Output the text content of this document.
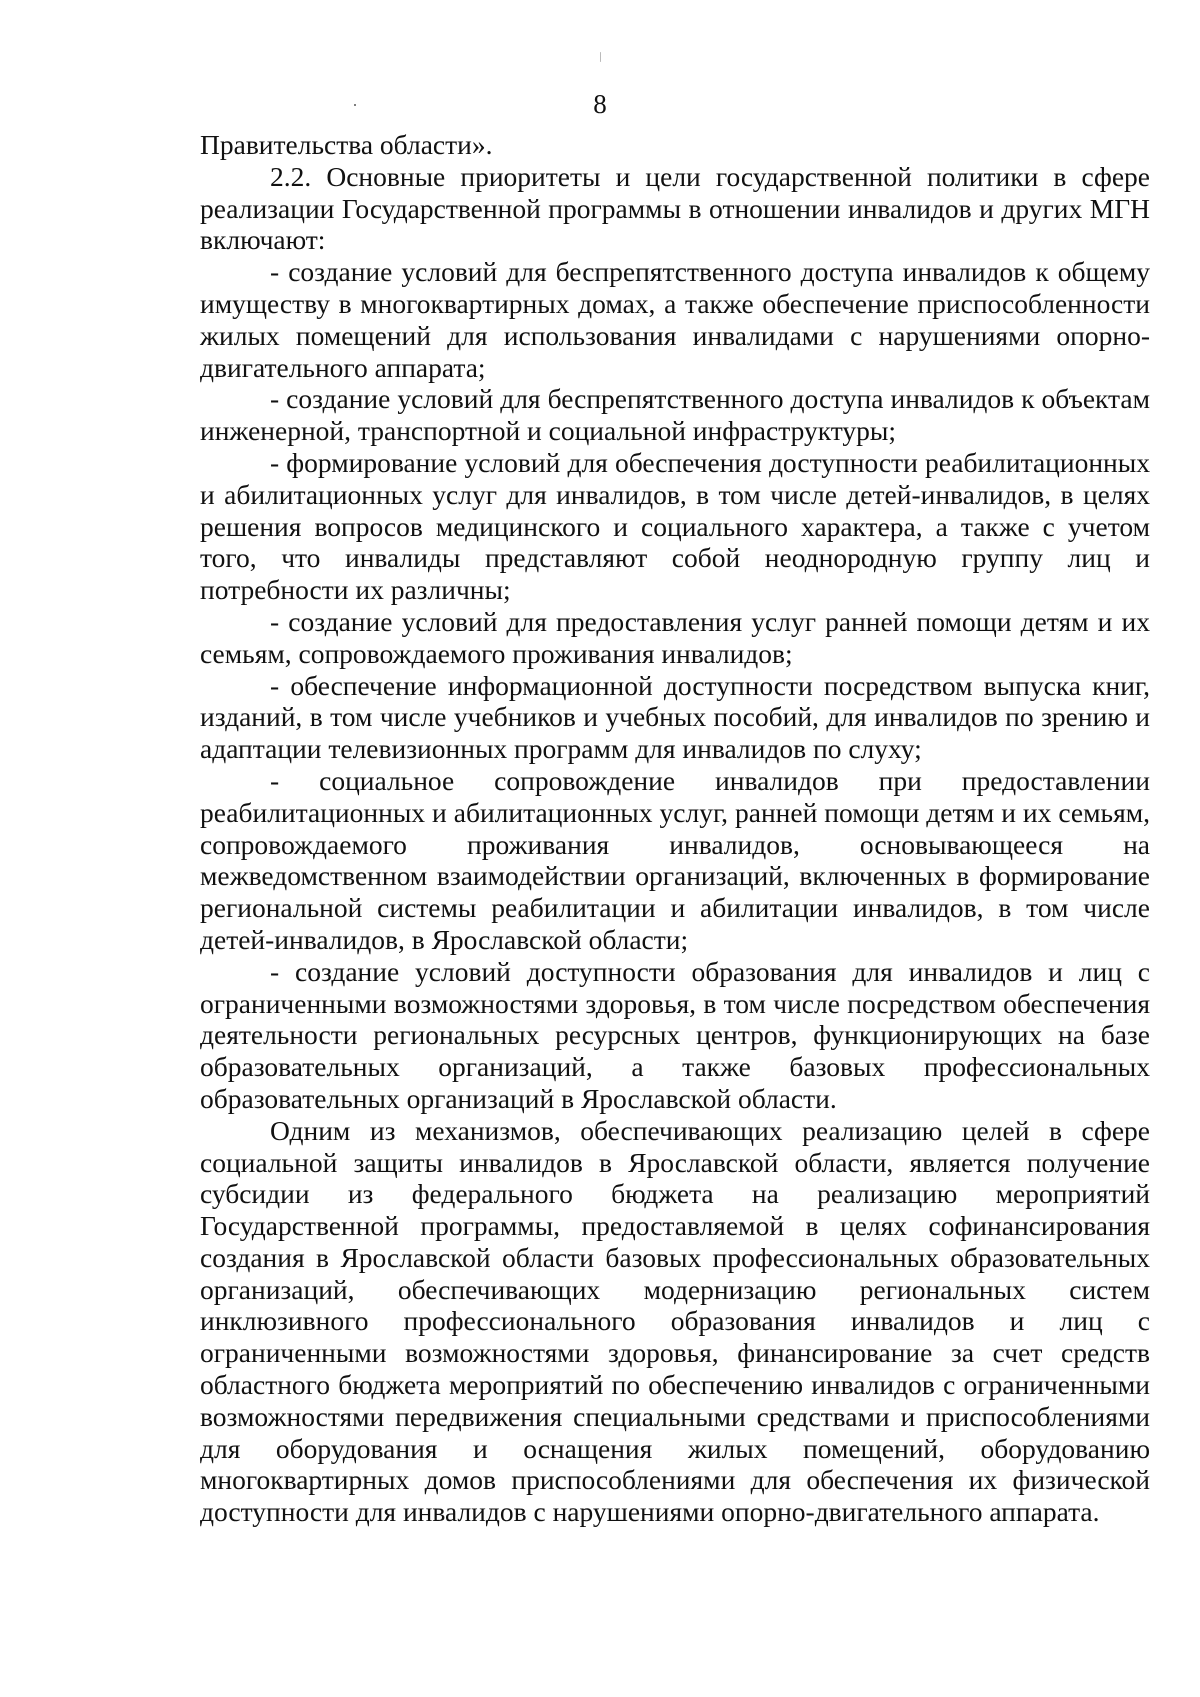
8

Правительства области».

2.2. Основные приоритеты и цели государственной политики в сфере реализации Государственной программы в отношении инвалидов и других МГН включают:

- создание условий для беспрепятственного доступа инвалидов к общему имуществу в многоквартирных домах, а также обеспечение приспособленности жилых помещений для использования инвалидами с нарушениями опорно-двигательного аппарата;

- создание условий для беспрепятственного доступа инвалидов к объектам инженерной, транспортной и социальной инфраструктуры;

- формирование условий для обеспечения доступности реабилитационных и абилитационных услуг для инвалидов, в том числе детей-инвалидов, в целях решения вопросов медицинского и социального характера, а также с учетом того, что инвалиды представляют собой неоднородную группу лиц и потребности их различны;

- создание условий для предоставления услуг ранней помощи детям и их семьям, сопровождаемого проживания инвалидов;

- обеспечение информационной доступности посредством выпуска книг, изданий, в том числе учебников и учебных пособий, для инвалидов по зрению и адаптации телевизионных программ для инвалидов по слуху;

- социальное сопровождение инвалидов при предоставлении реабилитационных и абилитационных услуг, ранней помощи детям и их семьям, сопровождаемого проживания инвалидов, основывающееся на межведомственном взаимодействии организаций, включенных в формирование региональной системы реабилитации и абилитации инвалидов, в том числе детей-инвалидов, в Ярославской области;

- создание условий доступности образования для инвалидов и лиц с ограниченными возможностями здоровья, в том числе посредством обеспечения деятельности региональных ресурсных центров, функционирующих на базе образовательных организаций, а также базовых профессиональных образовательных организаций в Ярославской области.

Одним из механизмов, обеспечивающих реализацию целей в сфере социальной защиты инвалидов в Ярославской области, является получение субсидии из федерального бюджета на реализацию мероприятий Государственной программы, предоставляемой в целях софинансирования создания в Ярославской области базовых профессиональных образовательных организаций, обеспечивающих модернизацию региональных систем инклюзивного профессионального образования инвалидов и лиц с ограниченными возможностями здоровья, финансирование за счет средств областного бюджета мероприятий по обеспечению инвалидов с ограниченными возможностями передвижения специальными средствами и приспособлениями для оборудования и оснащения жилых помещений, оборудованию многоквартирных домов приспособлениями для обеспечения их физической доступности для инвалидов с нарушениями опорно-двигательного аппарата.
